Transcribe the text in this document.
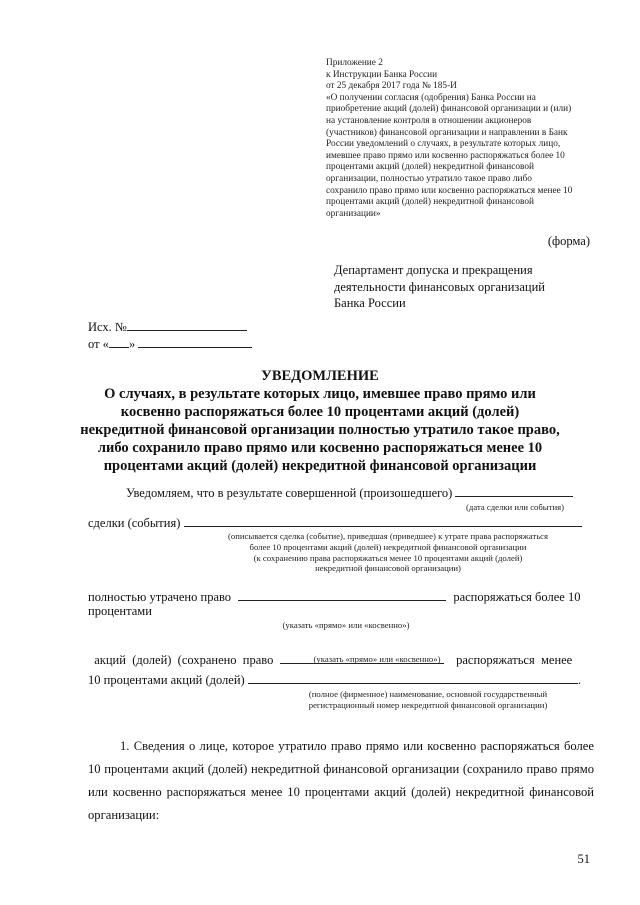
Приложение 2
к Инструкции Банка России
от 25 декабря 2017 года № 185-И
«О получении согласия (одобрения) Банка России на
приобретение акций (долей) финансовой организации и (или)
на установление контроля в отношении акционеров
(участников) финансовой организации и направлении в Банк
России уведомлений о случаях, в результате которых лицо,
имевшее право прямо или косвенно распоряжаться более 10
процентами акций (долей) некредитной финансовой
организации, полностью утратило такое право либо
сохранило право прямо или косвенно распоряжаться менее 10
процентами акций (долей) некредитной финансовой
организации»
(форма)
Департамент допуска и прекращения
деятельности финансовых организаций
Банка России
Исх. №
от « »
УВЕДОМЛЕНИЕ
О случаях, в результате которых лицо, имевшее право прямо или
косвенно распоряжаться более 10 процентами акций (долей)
некредитной финансовой организации полностью утратило такое право,
либо сохранило право прямо или косвенно распоряжаться менее 10
процентами акций (долей) некредитной финансовой организации
Уведомляем, что в результате совершенной (произошедшего)
(дата сделки или события)
сделки (события)
(описывается сделка (событие), приведшая (приведшее) к утрате права распоряжаться
более 10 процентами акций (долей) некредитной финансовой организации
(к сохранению права распоряжаться менее 10 процентами акций (долей)
некредитной финансовой организации)
полностью утрачено право	распоряжаться более 10
процентами
(указать «прямо» или «косвенно»)

акций  (долей)  (сохранено  право	распоряжаться  менее

(указать «прямо» или «косвенно»)
10 процентами акций (долей)	.
(полное (фирменное) наименование, основной государственный
регистрационный номер некредитной финансовой организации)
1. Сведения о лице, которое утратило право прямо или косвенно распоряжаться более 10 процентами акций (долей) некредитной финансовой организации (сохранило право прямо или косвенно распоряжаться менее 10 процентами акций (долей) некредитной финансовой организации:
51
